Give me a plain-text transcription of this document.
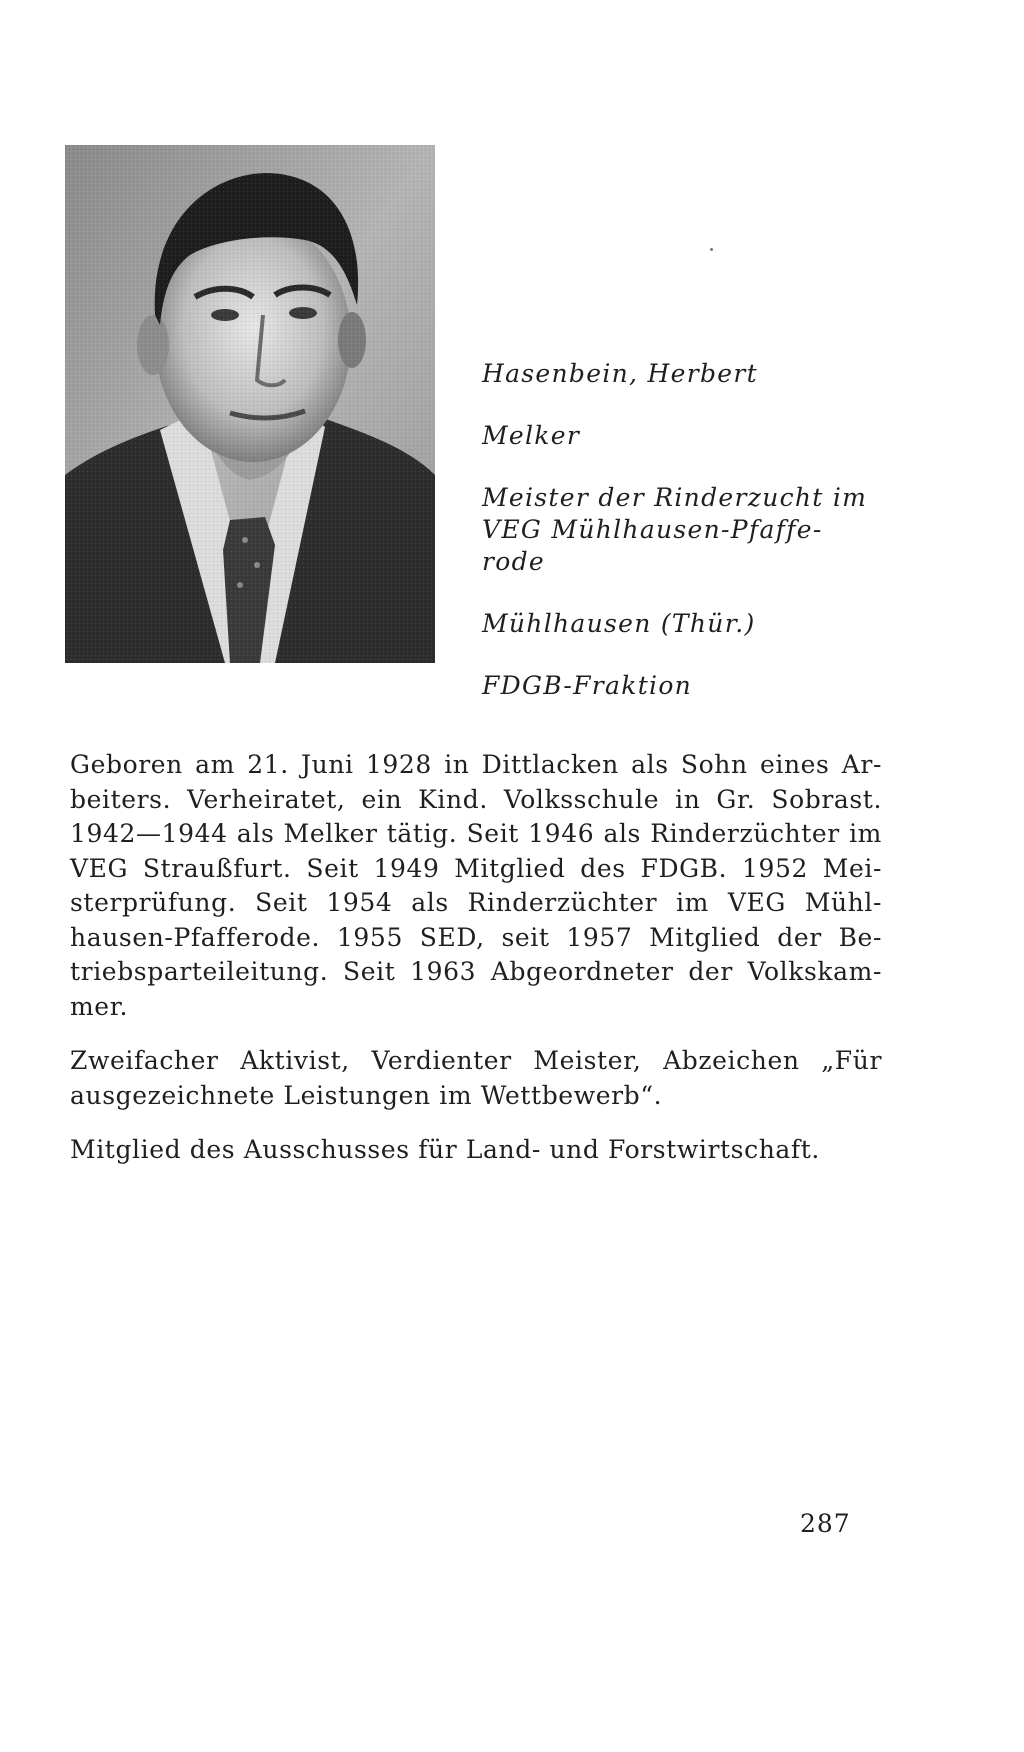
Hasenbein, Herbert

Melker

Meister der Rinderzucht im

VEG Mühlhausen-Pfaffe-

rode

Mühlhausen (Thür.)

FDGB-Fraktion

Geboren am 21. Juni 1928 in Dittlacken als Sohn eines Ar-
beiters. Verheiratet, ein Kind. Volksschule in Gr. Sobrast.
1942—1944 als Melker tätig. Seit 1946 als Rinderzüchter im
VEG Straußfurt. Seit 1949 Mitglied des FDGB. 1952 Mei-
sterprüfung. Seit 1954 als Rinderzüchter im VEG Mühl-
hausen-Pfafferode. 1955 SED, seit 1957 Mitglied der Be-
triebsparteileitung. Seit 1963 Abgeordneter der Volkskam-
mer.
Zweifacher Aktivist, Verdienter Meister, Abzeichen „Für
ausgezeichnete Leistungen im Wettbewerb“.
Mitglied des Ausschusses für Land- und Forstwirtschaft.
287
